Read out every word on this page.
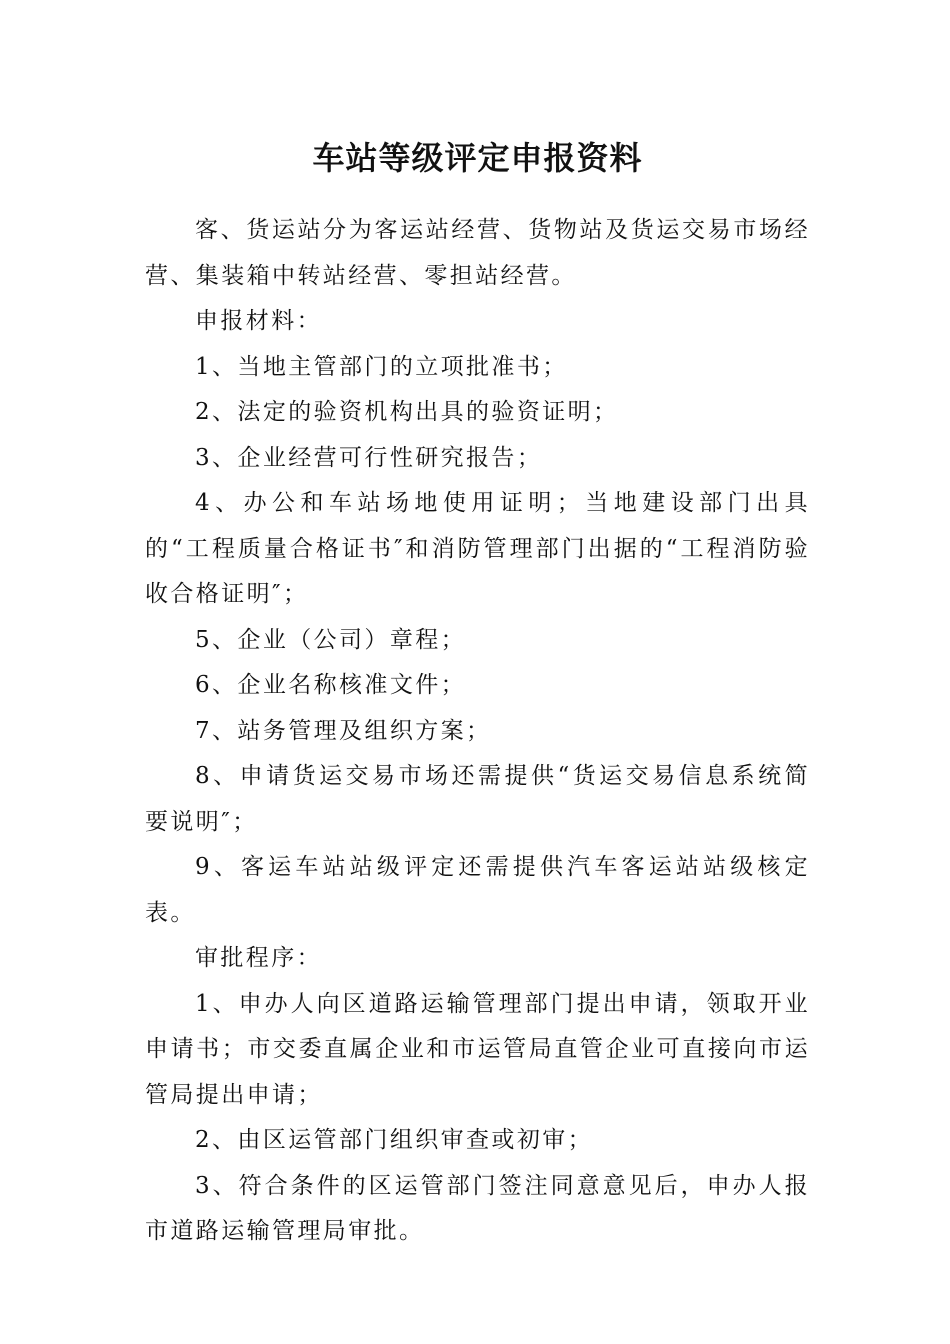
车站等级评定申报资料

客、货运站分为客运站经营、货物站及货运交易市场经营、集装箱中转站经营、零担站经营。

申报材料：

1、当地主管部门的立项批准书；

2、法定的验资机构出具的验资证明；

3、企业经营可行性研究报告；

4、办公和车站场地使用证明；当地建设部门出具的“工程质量合格证书″和消防管理部门出据的“工程消防验收合格证明″；

5、企业（公司）章程；

6、企业名称核准文件；

7、站务管理及组织方案；

8、申请货运交易市场还需提供“货运交易信息系统简要说明″；

9、客运车站站级评定还需提供汽车客运站站级核定表。

审批程序：

1、申办人向区道路运输管理部门提出申请，领取开业申请书；市交委直属企业和市运管局直管企业可直接向市运管局提出申请；

2、由区运管部门组织审查或初审；

3、符合条件的区运管部门签注同意意见后，申办人报市道路运输管理局审批。
